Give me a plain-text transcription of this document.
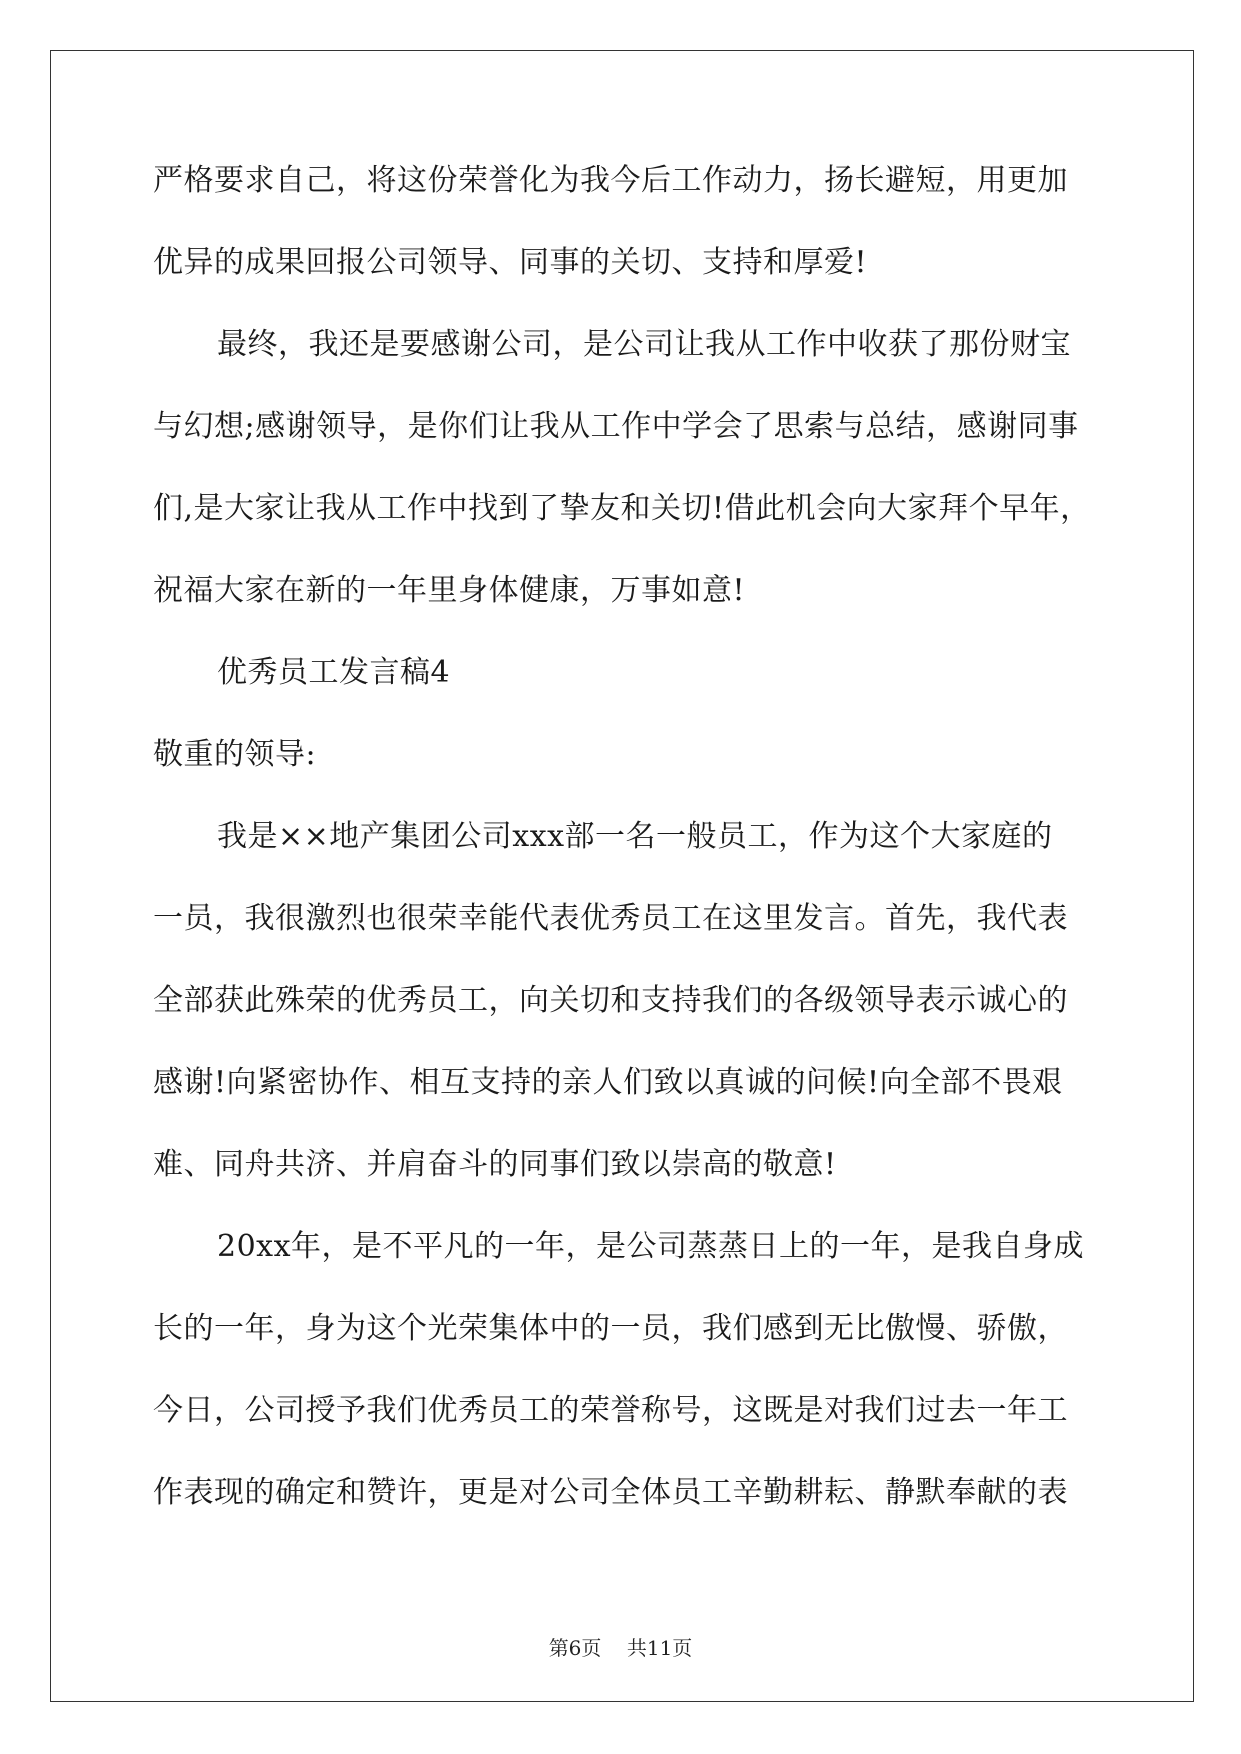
严格要求自己，将这份荣誉化为我今后工作动力，扬长避短，用更加
优异的成果回报公司领导、同事的关切、支持和厚爱!
最终，我还是要感谢公司，是公司让我从工作中收获了那份财宝
与幻想;感谢领导，是你们让我从工作中学会了思索与总结，感谢同事
们,是大家让我从工作中找到了挚友和关切!借此机会向大家拜个早年，
祝福大家在新的一年里身体健康，万事如意!
优秀员工发言稿4
敬重的领导:
我是××地产集团公司xxx部一名一般员工，作为这个大家庭的
一员，我很激烈也很荣幸能代表优秀员工在这里发言。首先，我代表
全部获此殊荣的优秀员工，向关切和支持我们的各级领导表示诚心的
感谢!向紧密协作、相互支持的亲人们致以真诚的问候!向全部不畏艰
难、同舟共济、并肩奋斗的同事们致以崇高的敬意!
20xx年，是不平凡的一年，是公司蒸蒸日上的一年，是我自身成
长的一年，身为这个光荣集体中的一员，我们感到无比傲慢、骄傲，
今日，公司授予我们优秀员工的荣誉称号，这既是对我们过去一年工
作表现的确定和赞许，更是对公司全体员工辛勤耕耘、静默奉献的表
第6页 共11页
